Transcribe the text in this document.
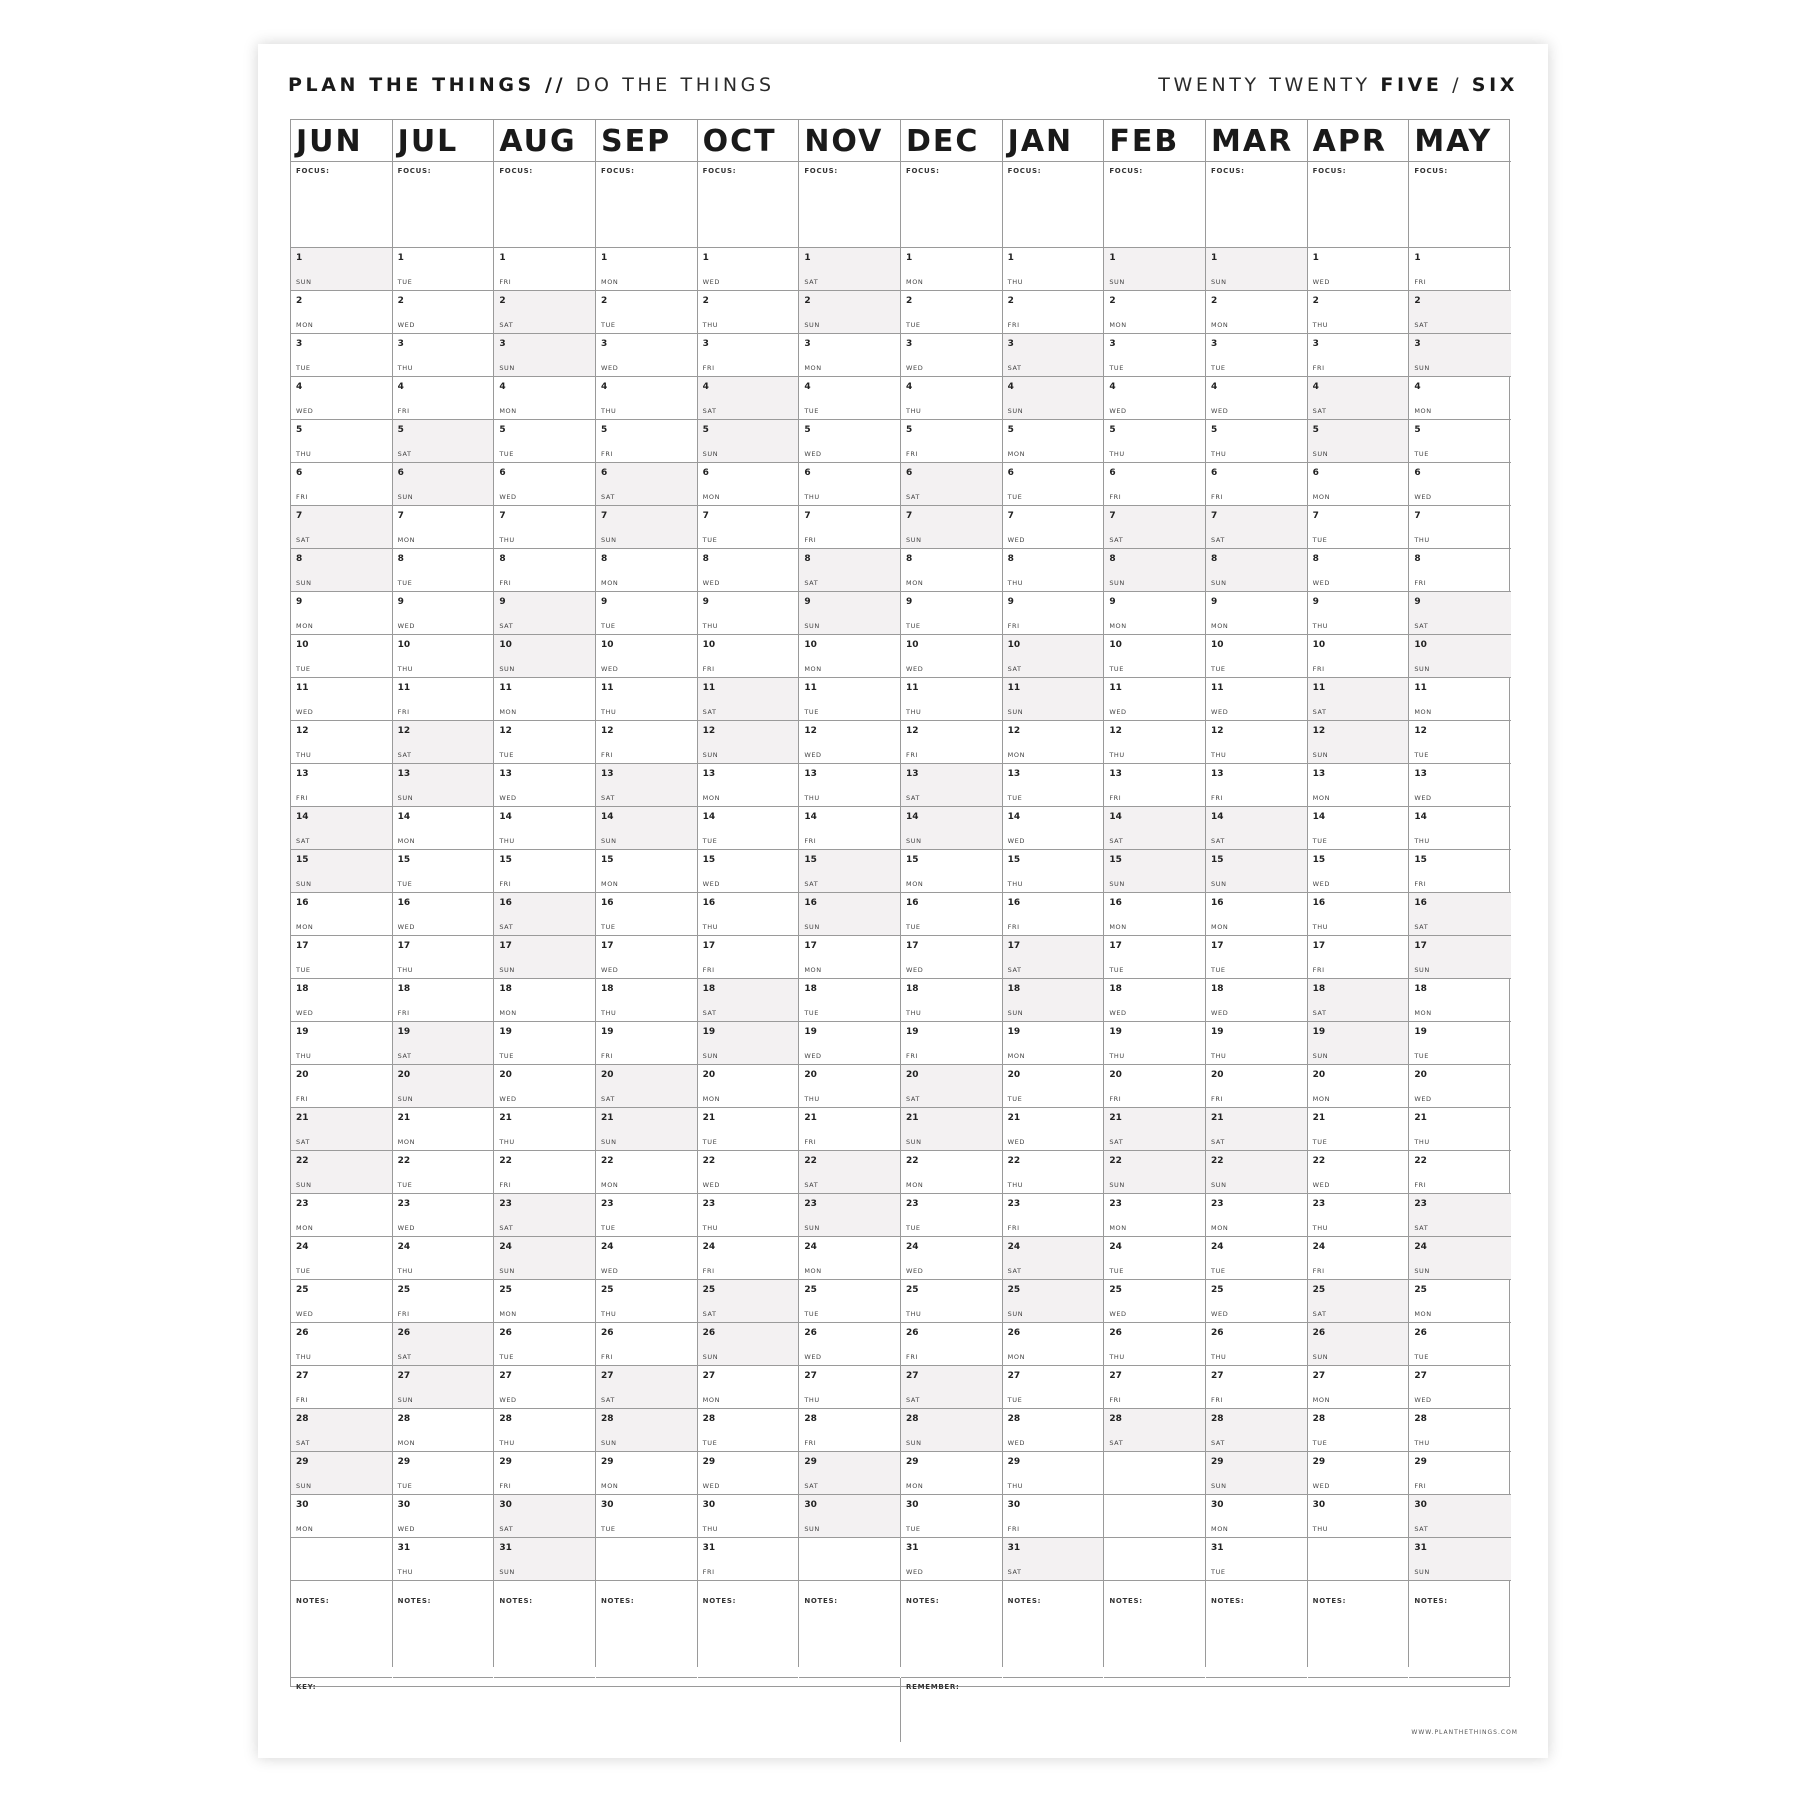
PLAN THE THINGS // DO THE THINGS	TWENTY TWENTY FIVE / SIX
KEY:	REMEMBER:
JUN
FOCUS:
1
SUN
2
MON
3
TUE
4
WED
5
THU
6
FRI
7
SAT
8
SUN
9
MON
10
TUE
11
WED
12
THU
13
FRI
14
SAT
15
SUN
16
MON
17
TUE
18
WED
19
THU
20
FRI
21
SAT
22
SUN
23
MON
24
TUE
25
WED
26
THU
27
FRI
28
SAT
29
SUN
30
MON
NOTES:
JUL
FOCUS:
1
TUE
2
WED
3
THU
4
FRI
5
SAT
6
SUN
7
MON
8
TUE
9
WED
10
THU
11
FRI
12
SAT
13
SUN
14
MON
15
TUE
16
WED
17
THU
18
FRI
19
SAT
20
SUN
21
MON
22
TUE
23
WED
24
THU
25
FRI
26
SAT
27
SUN
28
MON
29
TUE
30
WED
31
THU
NOTES:
AUG
FOCUS:
1
FRI
2
SAT
3
SUN
4
MON
5
TUE
6
WED
7
THU
8
FRI
9
SAT
10
SUN
11
MON
12
TUE
13
WED
14
THU
15
FRI
16
SAT
17
SUN
18
MON
19
TUE
20
WED
21
THU
22
FRI
23
SAT
24
SUN
25
MON
26
TUE
27
WED
28
THU
29
FRI
30
SAT
31
SUN
NOTES:
SEP
FOCUS:
1
MON
2
TUE
3
WED
4
THU
5
FRI
6
SAT
7
SUN
8
MON
9
TUE
10
WED
11
THU
12
FRI
13
SAT
14
SUN
15
MON
16
TUE
17
WED
18
THU
19
FRI
20
SAT
21
SUN
22
MON
23
TUE
24
WED
25
THU
26
FRI
27
SAT
28
SUN
29
MON
30
TUE
NOTES:
OCT
FOCUS:
1
WED
2
THU
3
FRI
4
SAT
5
SUN
6
MON
7
TUE
8
WED
9
THU
10
FRI
11
SAT
12
SUN
13
MON
14
TUE
15
WED
16
THU
17
FRI
18
SAT
19
SUN
20
MON
21
TUE
22
WED
23
THU
24
FRI
25
SAT
26
SUN
27
MON
28
TUE
29
WED
30
THU
31
FRI
NOTES:
NOV
FOCUS:
1
SAT
2
SUN
3
MON
4
TUE
5
WED
6
THU
7
FRI
8
SAT
9
SUN
10
MON
11
TUE
12
WED
13
THU
14
FRI
15
SAT
16
SUN
17
MON
18
TUE
19
WED
20
THU
21
FRI
22
SAT
23
SUN
24
MON
25
TUE
26
WED
27
THU
28
FRI
29
SAT
30
SUN
NOTES:
DEC
FOCUS:
1
MON
2
TUE
3
WED
4
THU
5
FRI
6
SAT
7
SUN
8
MON
9
TUE
10
WED
11
THU
12
FRI
13
SAT
14
SUN
15
MON
16
TUE
17
WED
18
THU
19
FRI
20
SAT
21
SUN
22
MON
23
TUE
24
WED
25
THU
26
FRI
27
SAT
28
SUN
29
MON
30
TUE
31
WED
NOTES:
JAN
FOCUS:
1
THU
2
FRI
3
SAT
4
SUN
5
MON
6
TUE
7
WED
8
THU
9
FRI
10
SAT
11
SUN
12
MON
13
TUE
14
WED
15
THU
16
FRI
17
SAT
18
SUN
19
MON
20
TUE
21
WED
22
THU
23
FRI
24
SAT
25
SUN
26
MON
27
TUE
28
WED
29
THU
30
FRI
31
SAT
NOTES:
FEB
FOCUS:
1
SUN
2
MON
3
TUE
4
WED
5
THU
6
FRI
7
SAT
8
SUN
9
MON
10
TUE
11
WED
12
THU
13
FRI
14
SAT
15
SUN
16
MON
17
TUE
18
WED
19
THU
20
FRI
21
SAT
22
SUN
23
MON
24
TUE
25
WED
26
THU
27
FRI
28
SAT
NOTES:
MAR
FOCUS:
1
SUN
2
MON
3
TUE
4
WED
5
THU
6
FRI
7
SAT
8
SUN
9
MON
10
TUE
11
WED
12
THU
13
FRI
14
SAT
15
SUN
16
MON
17
TUE
18
WED
19
THU
20
FRI
21
SAT
22
SUN
23
MON
24
TUE
25
WED
26
THU
27
FRI
28
SAT
29
SUN
30
MON
31
TUE
NOTES:
APR
FOCUS:
1
WED
2
THU
3
FRI
4
SAT
5
SUN
6
MON
7
TUE
8
WED
9
THU
10
FRI
11
SAT
12
SUN
13
MON
14
TUE
15
WED
16
THU
17
FRI
18
SAT
19
SUN
20
MON
21
TUE
22
WED
23
THU
24
FRI
25
SAT
26
SUN
27
MON
28
TUE
29
WED
30
THU
NOTES:
MAY
FOCUS:
1
FRI
2
SAT
3
SUN
4
MON
5
TUE
6
WED
7
THU
8
FRI
9
SAT
10
SUN
11
MON
12
TUE
13
WED
14
THU
15
FRI
16
SAT
17
SUN
18
MON
19
TUE
20
WED
21
THU
22
FRI
23
SAT
24
SUN
25
MON
26
TUE
27
WED
28
THU
29
FRI
30
SAT
31
SUN
NOTES:
WWW.PLANTHETHINGS.COM
